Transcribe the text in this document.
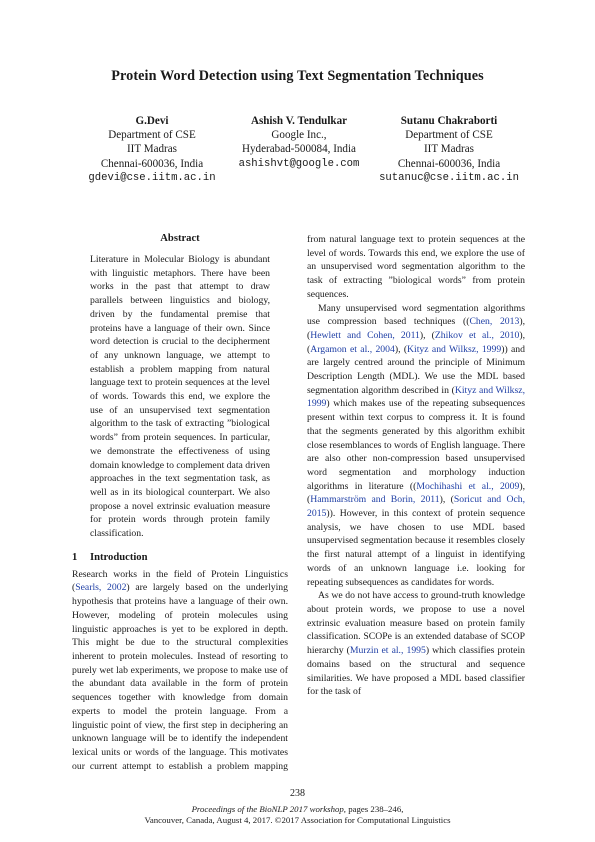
Protein Word Detection using Text Segmentation Techniques
G.Devi
Department of CSE
IIT Madras
Chennai-600036, India
gdevi@cse.iitm.ac.in
Ashish V. Tendulkar
Google Inc.,
Hyderabad-500084, India
ashishvt@google.com
Sutanu Chakraborti
Department of CSE
IIT Madras
Chennai-600036, India
sutanuc@cse.iitm.ac.in
Abstract

Literature in Molecular Biology is abundant with linguistic metaphors. There have been works in the past that attempt to draw parallels between linguistics and biology, driven by the fundamental premise that proteins have a language of their own. Since word detection is crucial to the decipherment of any unknown language, we attempt to establish a problem mapping from natural language text to protein sequences at the level of words. Towards this end, we explore the use of an unsupervised text segmentation algorithm to the task of extracting ”biological words” from protein sequences. In particular, we demonstrate the effectiveness of using domain knowledge to complement data driven approaches in the text segmentation task, as well as in its biological counterpart. We also propose a novel extrinsic evaluation measure for protein words through protein family classification.

1 Introduction

Research works in the field of Protein Linguistics (Searls, 2002) are largely based on the underlying hypothesis that proteins have a language of their own. However, modeling of protein molecules using linguistic approaches is yet to be explored in depth. This might be due to the structural complexities inherent to protein molecules. Instead of resorting to purely wet lab experiments, we propose to make use of the abundant data available in the form of protein sequences together with knowledge from domain experts to model the protein language. From a linguistic point of view, the first step in deciphering an unknown language will be to identify the independent lexical units or words of the language. This motivates our current attempt to establish a problem mapping

from natural language text to protein sequences at the level of words. Towards this end, we explore the use of an unsupervised word segmentation algorithm to the task of extracting ”biological words” from protein sequences.

Many unsupervised word segmentation algorithms use compression based techniques ((Chen, 2013), (Hewlett and Cohen, 2011), (Zhikov et al., 2010), (Argamon et al., 2004), (Kityz and Wilksz, 1999)) and are largely centred around the principle of Minimum Description Length (MDL). We use the MDL based segmentation algorithm described in (Kityz and Wilksz, 1999) which makes use of the repeating subsequences present within text corpus to compress it. It is found that the segments generated by this algorithm exhibit close resemblances to words of English language. There are also other non-compression based unsupervised word segmentation and morphology induction algorithms in literature ((Mochihashi et al., 2009), (Hammarström and Borin, 2011), (Soricut and Och, 2015)). However, in this context of protein sequence analysis, we have chosen to use MDL based unsupervised segmentation because it resembles closely the first natural attempt of a linguist in identifying words of an unknown language i.e. looking for repeating subsequences as candidates for words.

As we do not have access to ground-truth knowledge about protein words, we propose to use a novel extrinsic evaluation measure based on protein family classification. SCOPe is an extended database of SCOP hierarchy (Murzin et al., 1995) which classifies protein domains based on the structural and sequence similarities. We have proposed a MDL based classifier for the task of

238
Proceedings of the BioNLP 2017 workshop, pages 238–246,
Vancouver, Canada, August 4, 2017. ©2017 Association for Computational Linguistics
